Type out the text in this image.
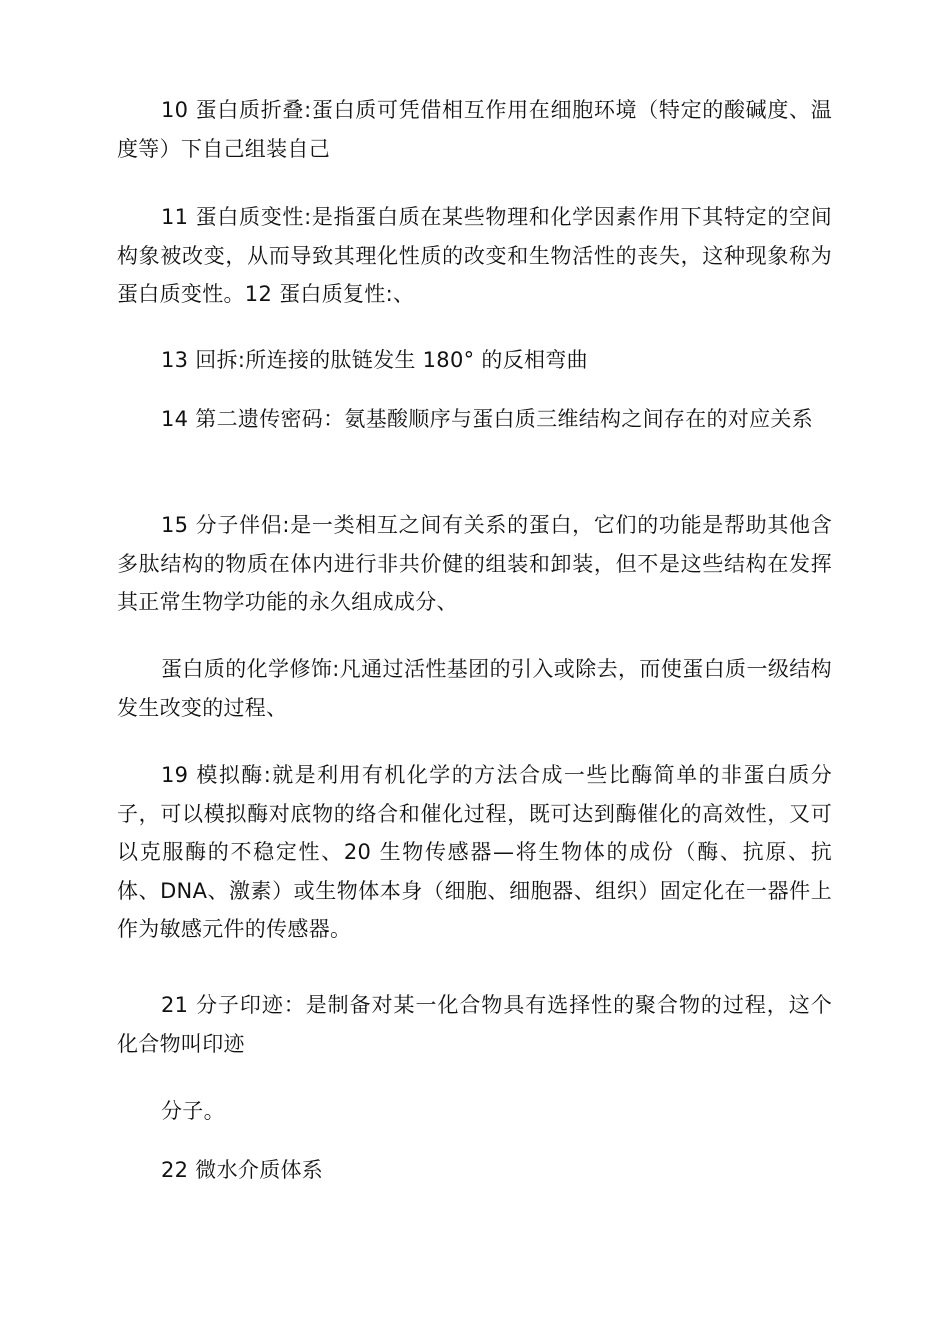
10 蛋白质折叠:蛋白质可凭借相互作用在细胞环境（特定的酸碱度、温度等）下自己组装自己

11 蛋白质变性:是指蛋白质在某些物理和化学因素作用下其特定的空间构象被改变，从而导致其理化性质的改变和生物活性的丧失，这种现象称为蛋白质变性。12 蛋白质复性:、

13 回拆:所连接的肽链发生 180° 的反相弯曲

14 第二遗传密码：氨基酸顺序与蛋白质三维结构之间存在的对应关系

15 分子伴侣:是一类相互之间有关系的蛋白，它们的功能是帮助其他含多肽结构的物质在体内进行非共价健的组装和卸装，但不是这些结构在发挥其正常生物学功能的永久组成成分、

蛋白质的化学修饰:凡通过活性基团的引入或除去，而使蛋白质一级结构发生改变的过程、

19 模拟酶:就是利用有机化学的方法合成一些比酶简单的非蛋白质分子，可以模拟酶对底物的络合和催化过程，既可达到酶催化的高效性，又可以克服酶的不稳定性、20 生物传感器—将生物体的成份（酶、抗原、抗体、DNA、激素）或生物体本身（细胞、细胞器、组织）固定化在一器件上作为敏感元件的传感器。

21 分子印迹：是制备对某一化合物具有选择性的聚合物的过程，这个化合物叫印迹

分子。

22 微水介质体系
